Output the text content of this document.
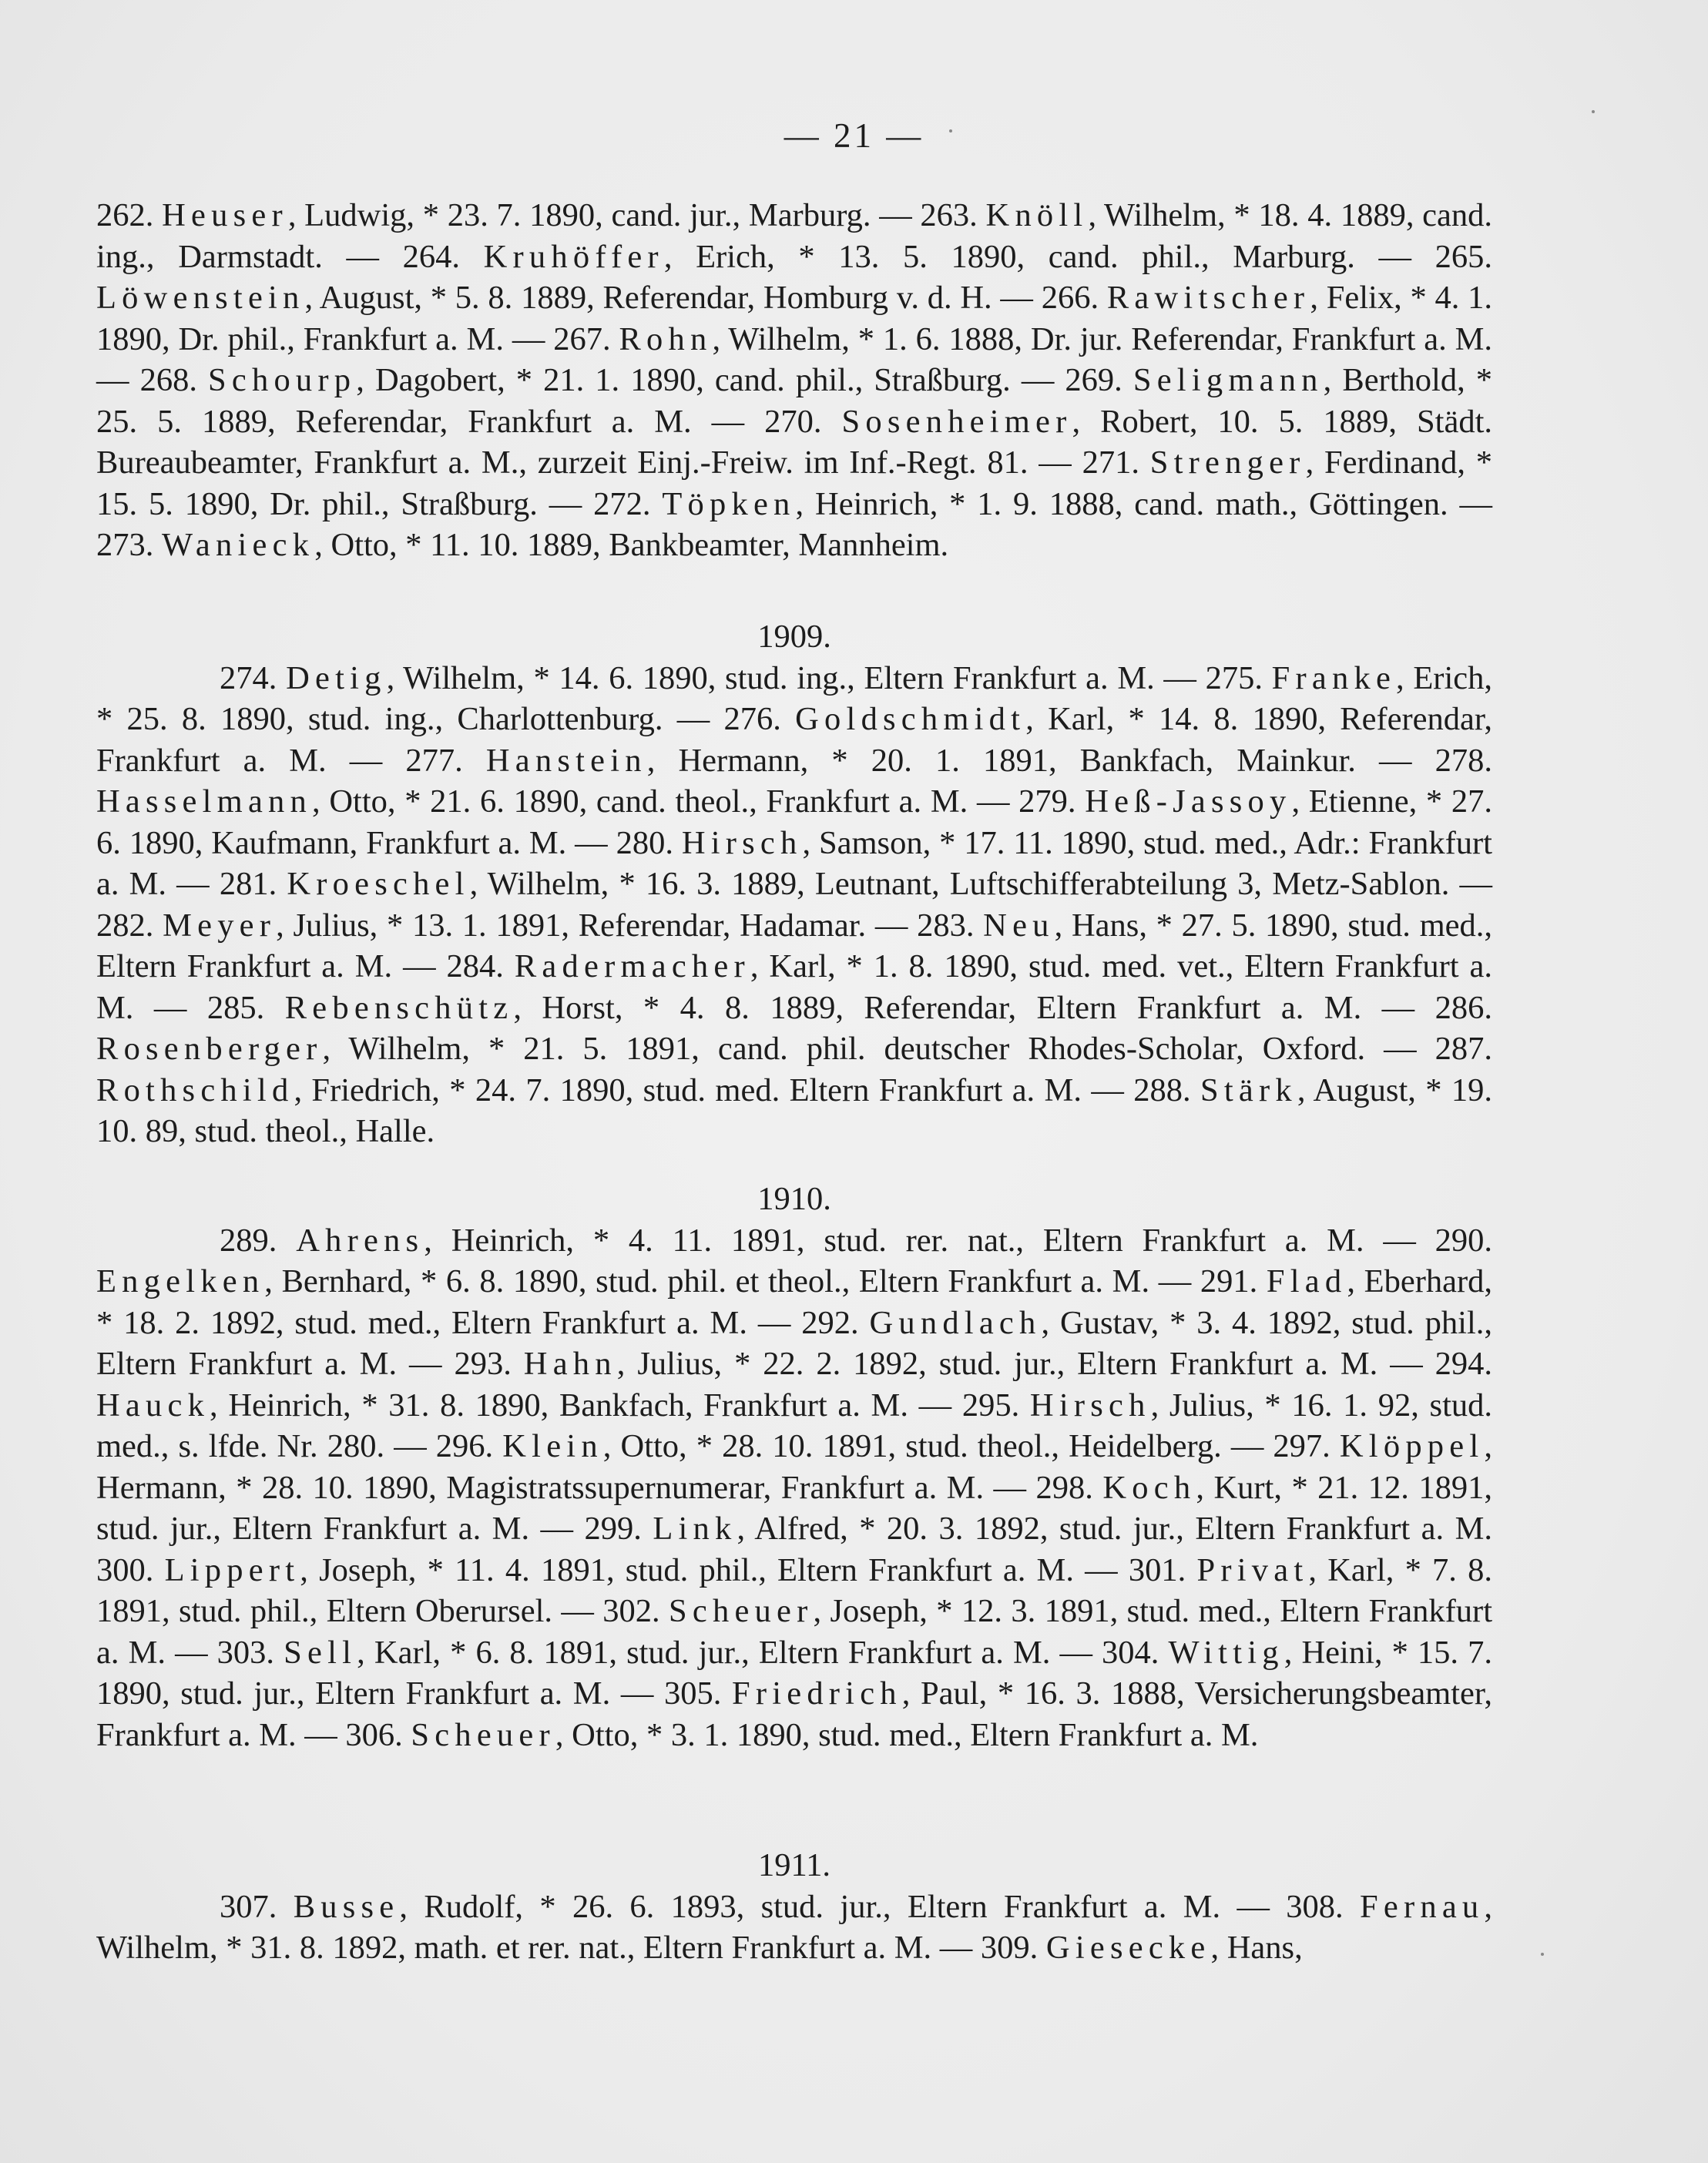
— 21 —

262. Heuser, Ludwig, * 23. 7. 1890, cand. jur., Marburg. — 263. Knöll, Wilhelm, * 18. 4. 1889, cand. ing., Darmstadt. — 264. Kruhöffer, Erich, * 13. 5. 1890, cand. phil., Marburg. — 265. Löwenstein, August, * 5. 8. 1889, Referendar, Homburg v. d. H. — 266. Rawitscher, Felix, * 4. 1. 1890, Dr. phil., Frankfurt a. M. — 267. Rohn, Wilhelm, * 1. 6. 1888, Dr. jur. Referendar, Frankfurt a. M. — 268. Schourp, Dagobert, * 21. 1. 1890, cand. phil., Straßburg. — 269. Seligmann, Berthold, * 25. 5. 1889, Referendar, Frankfurt a. M. — 270. Sosenheimer, Robert, 10. 5. 1889, Städt. Bureaubeamter, Frankfurt a. M., zurzeit Einj.-Freiw. im Inf.-Regt. 81. — 271. Strenger, Ferdinand, * 15. 5. 1890, Dr. phil., Straßburg. — 272. Töpken, Heinrich, * 1. 9. 1888, cand. math., Göttingen. — 273. Wanieck, Otto, * 11. 10. 1889, Bankbeamter, Mannheim.

1909.

274. Detig, Wilhelm, * 14. 6. 1890, stud. ing., Eltern Frankfurt a. M. — 275. Franke, Erich, * 25. 8. 1890, stud. ing., Charlottenburg. — 276. Goldschmidt, Karl, * 14. 8. 1890, Referendar, Frankfurt a. M. — 277. Hanstein, Hermann, * 20. 1. 1891, Bankfach, Mainkur. — 278. Hasselmann, Otto, * 21. 6. 1890, cand. theol., Frankfurt a. M. — 279. Heß-Jassoy, Etienne, * 27. 6. 1890, Kaufmann, Frankfurt a. M. — 280. Hirsch, Samson, * 17. 11. 1890, stud. med., Adr.: Frankfurt a. M. — 281. Kroeschel, Wilhelm, * 16. 3. 1889, Leutnant, Luftschifferabteilung 3, Metz-Sablon. — 282. Meyer, Julius, * 13. 1. 1891, Referendar, Hadamar. — 283. Neu, Hans, * 27. 5. 1890, stud. med., Eltern Frankfurt a. M. — 284. Radermacher, Karl, * 1. 8. 1890, stud. med. vet., Eltern Frankfurt a. M. — 285. Rebenschütz, Horst, * 4. 8. 1889, Referendar, Eltern Frankfurt a. M. — 286. Rosenberger, Wilhelm, * 21. 5. 1891, cand. phil. deutscher Rhodes-Scholar, Oxford. — 287. Rothschild, Friedrich, * 24. 7. 1890, stud. med. Eltern Frankfurt a. M. — 288. Stärk, August, * 19. 10. 89, stud. theol., Halle.

1910.

289. Ahrens, Heinrich, * 4. 11. 1891, stud. rer. nat., Eltern Frankfurt a. M. — 290. Engelken, Bernhard, * 6. 8. 1890, stud. phil. et theol., Eltern Frankfurt a. M. — 291. Flad, Eberhard, * 18. 2. 1892, stud. med., Eltern Frankfurt a. M. — 292. Gundlach, Gustav, * 3. 4. 1892, stud. phil., Eltern Frankfurt a. M. — 293. Hahn, Julius, * 22. 2. 1892, stud. jur., Eltern Frankfurt a. M. — 294. Hauck, Heinrich, * 31. 8. 1890, Bankfach, Frankfurt a. M. — 295. Hirsch, Julius, * 16. 1. 92, stud. med., s. lfde. Nr. 280. — 296. Klein, Otto, * 28. 10. 1891, stud. theol., Heidelberg. — 297. Klöppel, Hermann, * 28. 10. 1890, Magistratssupernumerar, Frankfurt a. M. — 298. Koch, Kurt, * 21. 12. 1891, stud. jur., Eltern Frankfurt a. M. — 299. Link, Alfred, * 20. 3. 1892, stud. jur., Eltern Frankfurt a. M. 300. Lippert, Joseph, * 11. 4. 1891, stud. phil., Eltern Frankfurt a. M. — 301. Privat, Karl, * 7. 8. 1891, stud. phil., Eltern Oberursel. — 302. Scheuer, Joseph, * 12. 3. 1891, stud. med., Eltern Frankfurt a. M. — 303. Sell, Karl, * 6. 8. 1891, stud. jur., Eltern Frankfurt a. M. — 304. Wittig, Heini, * 15. 7. 1890, stud. jur., Eltern Frankfurt a. M. — 305. Friedrich, Paul, * 16. 3. 1888, Versicherungsbeamter, Frankfurt a. M. — 306. Scheuer, Otto, * 3. 1. 1890, stud. med., Eltern Frankfurt a. M.

1911.

307. Busse, Rudolf, * 26. 6. 1893, stud. jur., Eltern Frankfurt a. M. — 308. Fernau, Wilhelm, * 31. 8. 1892, math. et rer. nat., Eltern Frankfurt a. M. — 309. Giesecke, Hans,
